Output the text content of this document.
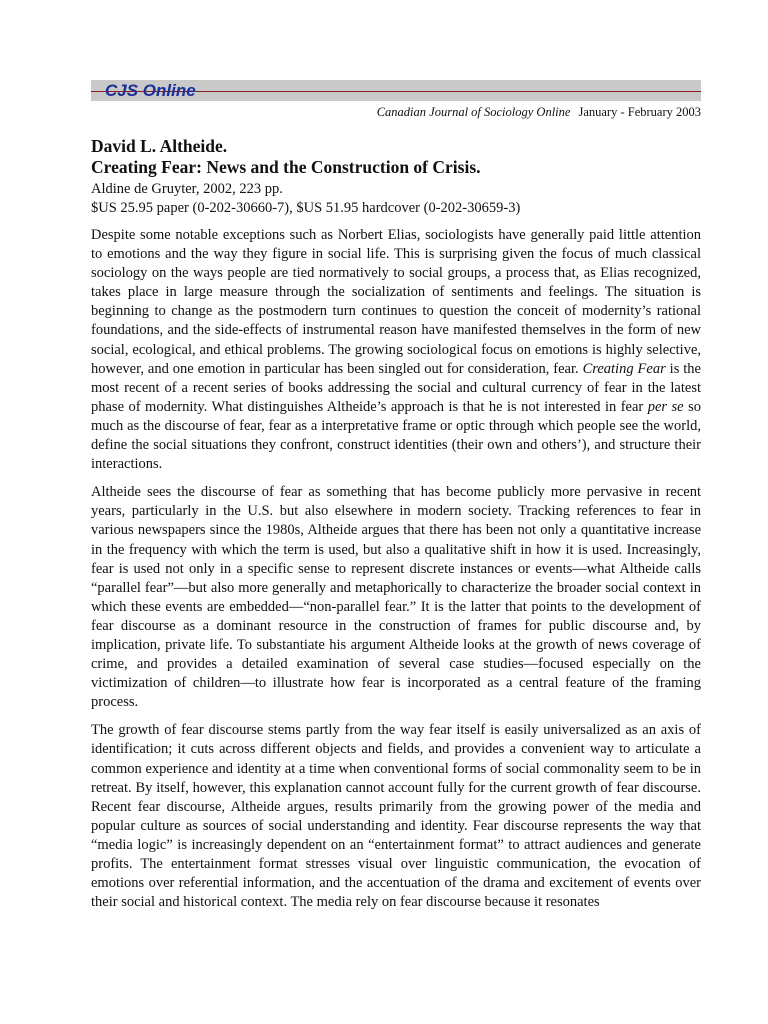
CJS Online
Canadian Journal of Sociology Online January - February 2003

David L. Altheide.

Creating Fear: News and the Construction of Crisis.

Aldine de Gruyter, 2002, 223 pp.

$US 25.95 paper (0-202-30660-7), $US 51.95 hardcover (0-202-30659-3)

Despite some notable exceptions such as Norbert Elias, sociologists have generally paid little attention to emotions and the way they figure in social life. This is surprising given the focus of much classical sociology on the ways people are tied normatively to social groups, a process that, as Elias recognized, takes place in large measure through the socialization of sentiments and feelings. The situation is beginning to change as the postmodern turn continues to question the conceit of modernity’s rational foundations, and the side-effects of instrumental reason have manifested themselves in the form of new social, ecological, and ethical problems. The growing sociological focus on emotions is highly selective, however, and one emotion in particular has been singled out for consideration, fear. Creating Fear is the most recent of a recent series of books addressing the social and cultural currency of fear in the latest phase of modernity. What distinguishes Altheide’s approach is that he is not interested in fear per se so much as the discourse of fear, fear as a interpretative frame or optic through which people see the world, define the social situations they confront, construct identities (their own and others’), and structure their interactions.

Altheide sees the discourse of fear as something that has become publicly more pervasive in recent years, particularly in the U.S. but also elsewhere in modern society. Tracking references to fear in various newspapers since the 1980s, Altheide argues that there has been not only a quantitative increase in the frequency with which the term is used, but also a qualitative shift in how it is used. Increasingly, fear is used not only in a specific sense to represent discrete instances or events—what Altheide calls “parallel fear”—but also more generally and metaphorically to characterize the broader social context in which these events are embedded—“non-parallel fear.” It is the latter that points to the development of fear discourse as a dominant resource in the construction of frames for public discourse and, by implication, private life. To substantiate his argument Altheide looks at the growth of news coverage of crime, and provides a detailed examination of several case studies—focused especially on the victimization of children—to illustrate how fear is incorporated as a central feature of the framing process.

The growth of fear discourse stems partly from the way fear itself is easily universalized as an axis of identification; it cuts across different objects and fields, and provides a convenient way to articulate a common experience and identity at a time when conventional forms of social commonality seem to be in retreat. By itself, however, this explanation cannot account fully for the current growth of fear discourse. Recent fear discourse, Altheide argues, results primarily from the growing power of the media and popular culture as sources of social understanding and identity. Fear discourse represents the way that “media logic” is increasingly dependent on an “entertainment format” to attract audiences and generate profits. The entertainment format stresses visual over linguistic communication, the evocation of emotions over referential information, and the accentuation of the drama and excitement of events over their social and historical context. The media rely on fear discourse because it resonates
